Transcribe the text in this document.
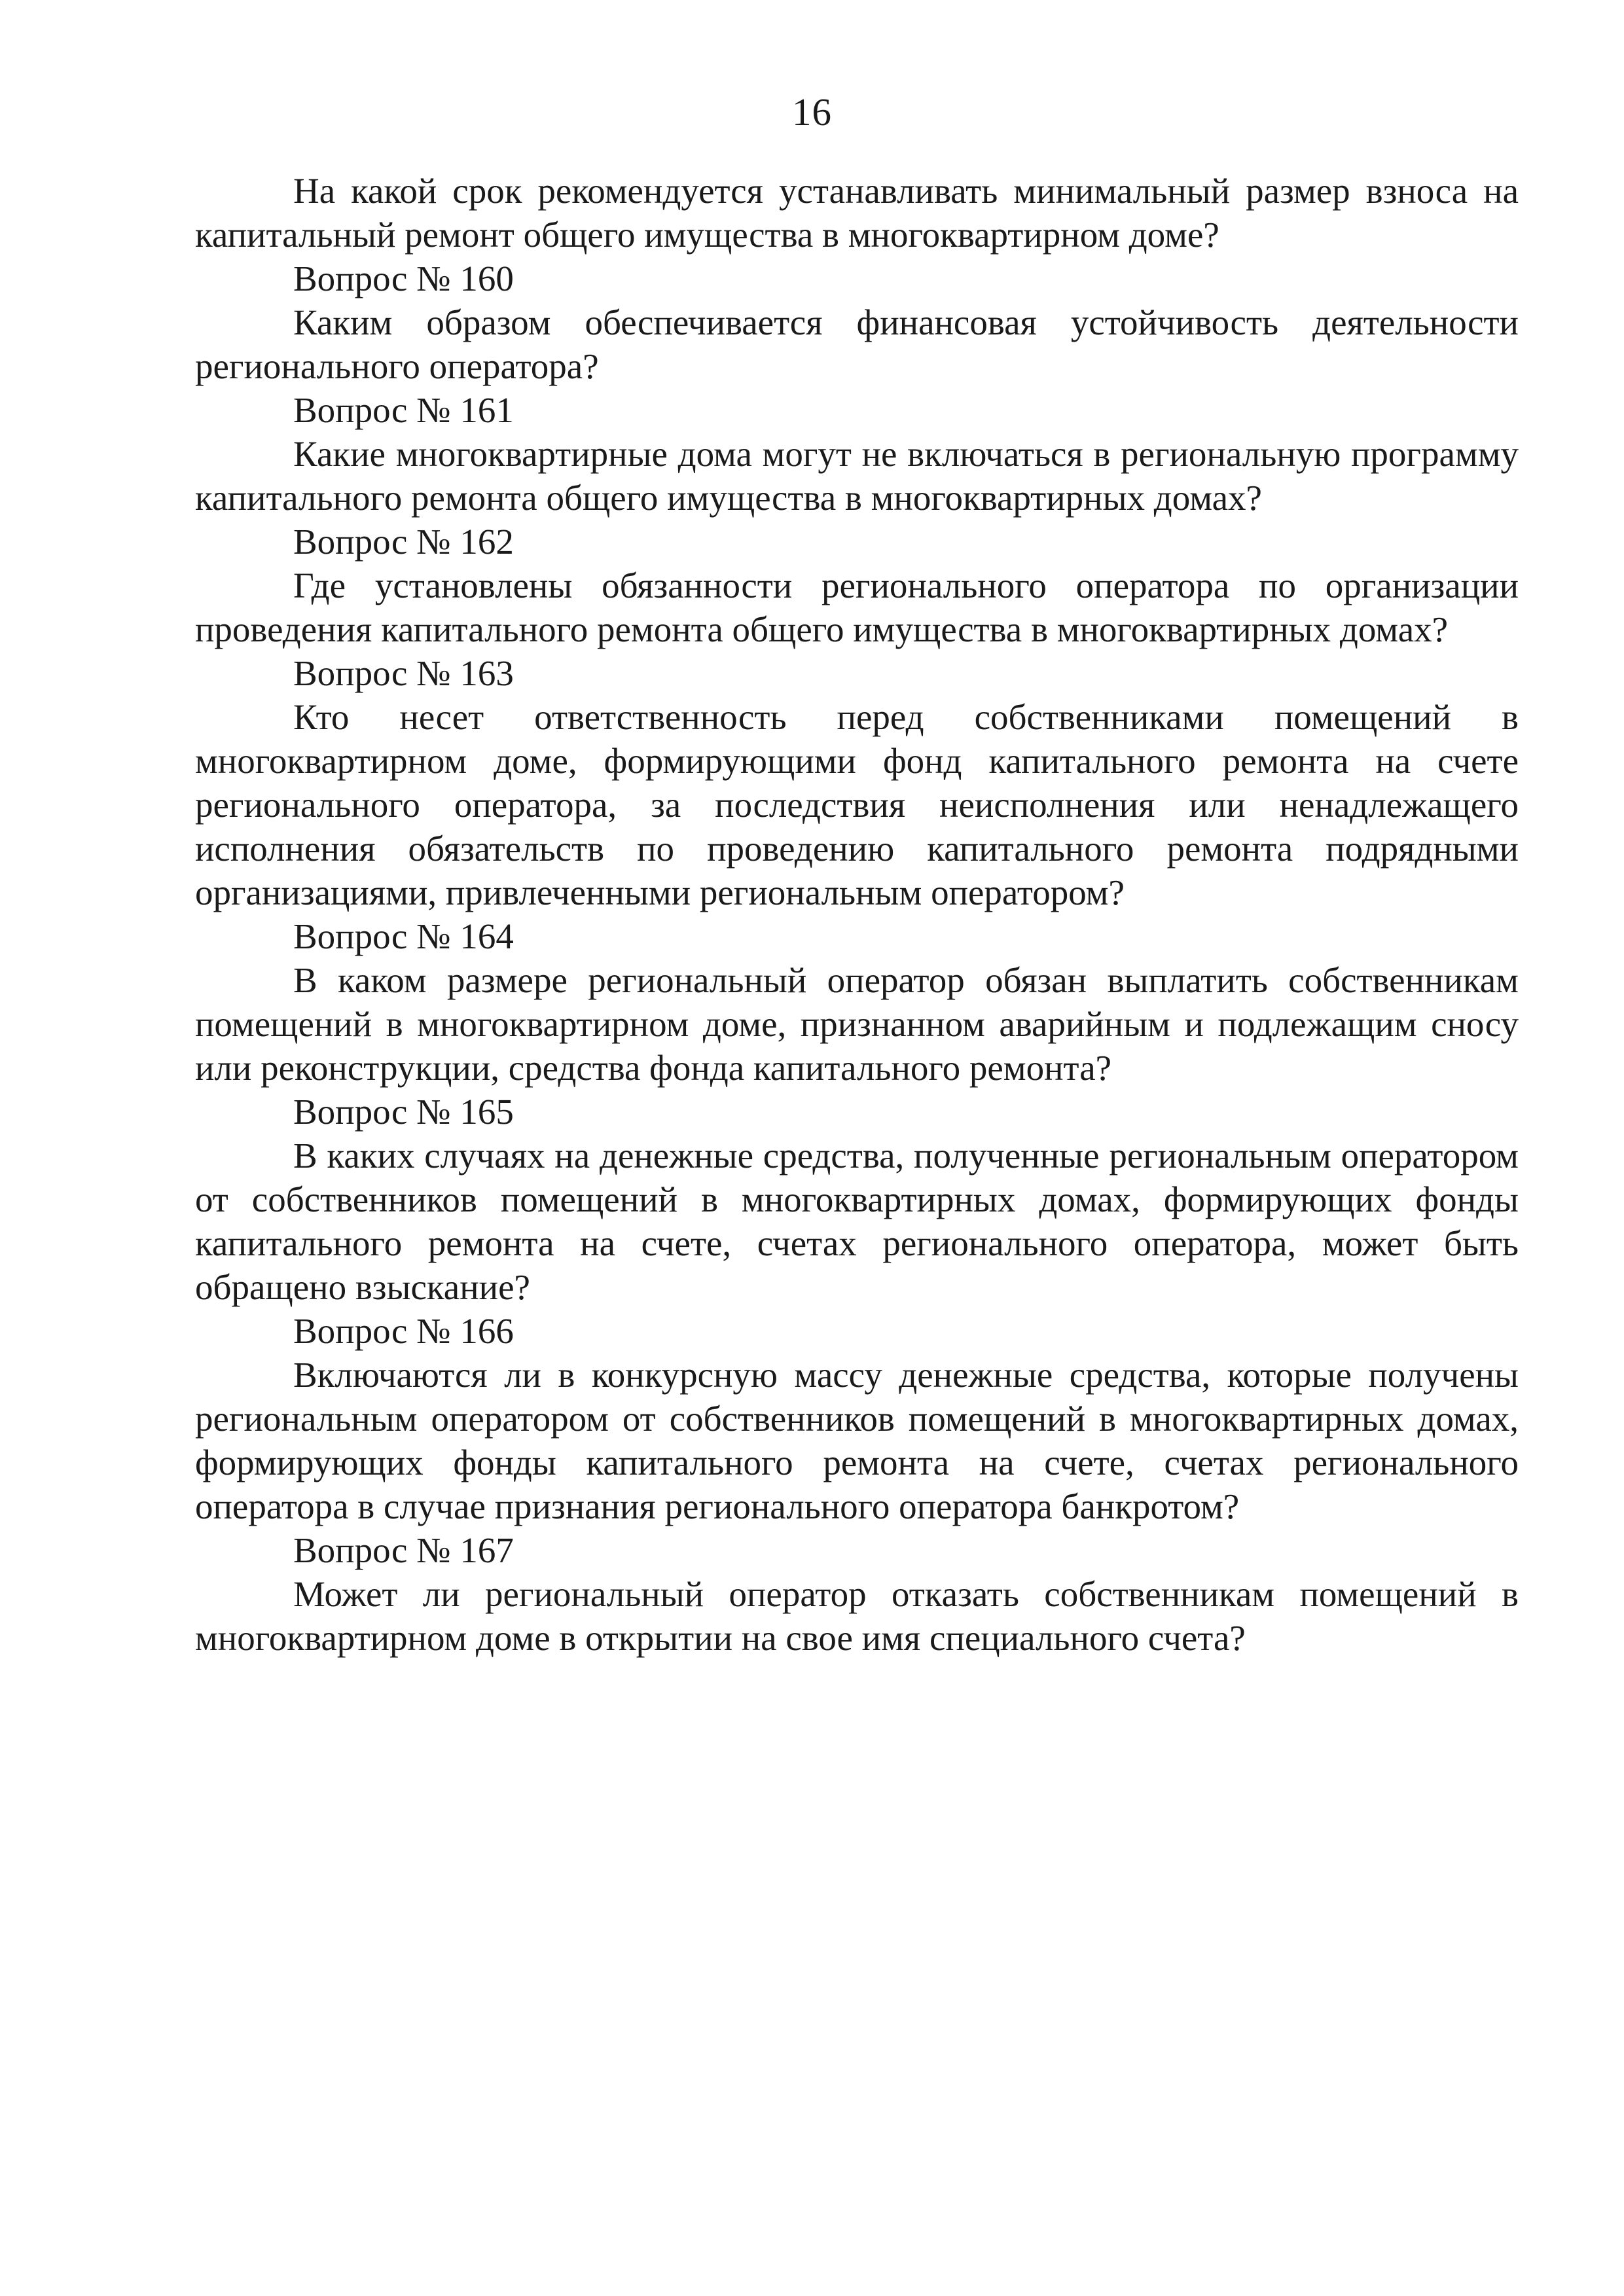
16

На какой срок рекомендуется устанавливать минимальный размер взноса на капитальный ремонт общего имущества в многоквартирном доме?

Вопрос № 160

Каким образом обеспечивается финансовая устойчивость деятельности регионального оператора?

Вопрос № 161

Какие многоквартирные дома могут не включаться в региональную программу капитального ремонта общего имущества в многоквартирных домах?

Вопрос № 162

Где установлены обязанности регионального оператора по организации проведения капитального ремонта общего имущества в многоквартирных домах?

Вопрос № 163

Кто несет ответственность перед собственниками помещений в многоквартирном доме, формирующими фонд капитального ремонта на счете регионального оператора, за последствия неисполнения или ненадлежащего исполнения обязательств по проведению капитального ремонта подрядными организациями, привлеченными региональным оператором?

Вопрос № 164

В каком размере региональный оператор обязан выплатить собственникам помещений в многоквартирном доме, признанном аварийным и подлежащим сносу или реконструкции, средства фонда капитального ремонта?

Вопрос № 165

В каких случаях на денежные средства, полученные региональным оператором от собственников помещений в многоквартирных домах, формирующих фонды капитального ремонта на счете, счетах регионального оператора, может быть обращено взыскание?

Вопрос № 166

Включаются ли в конкурсную массу денежные средства, которые получены региональным оператором от собственников помещений в многоквартирных домах, формирующих фонды капитального ремонта на счете, счетах регионального оператора в случае признания регионального оператора банкротом?

Вопрос № 167

Может ли региональный оператор отказать собственникам помещений в многоквартирном доме в открытии на свое имя специального счета?
